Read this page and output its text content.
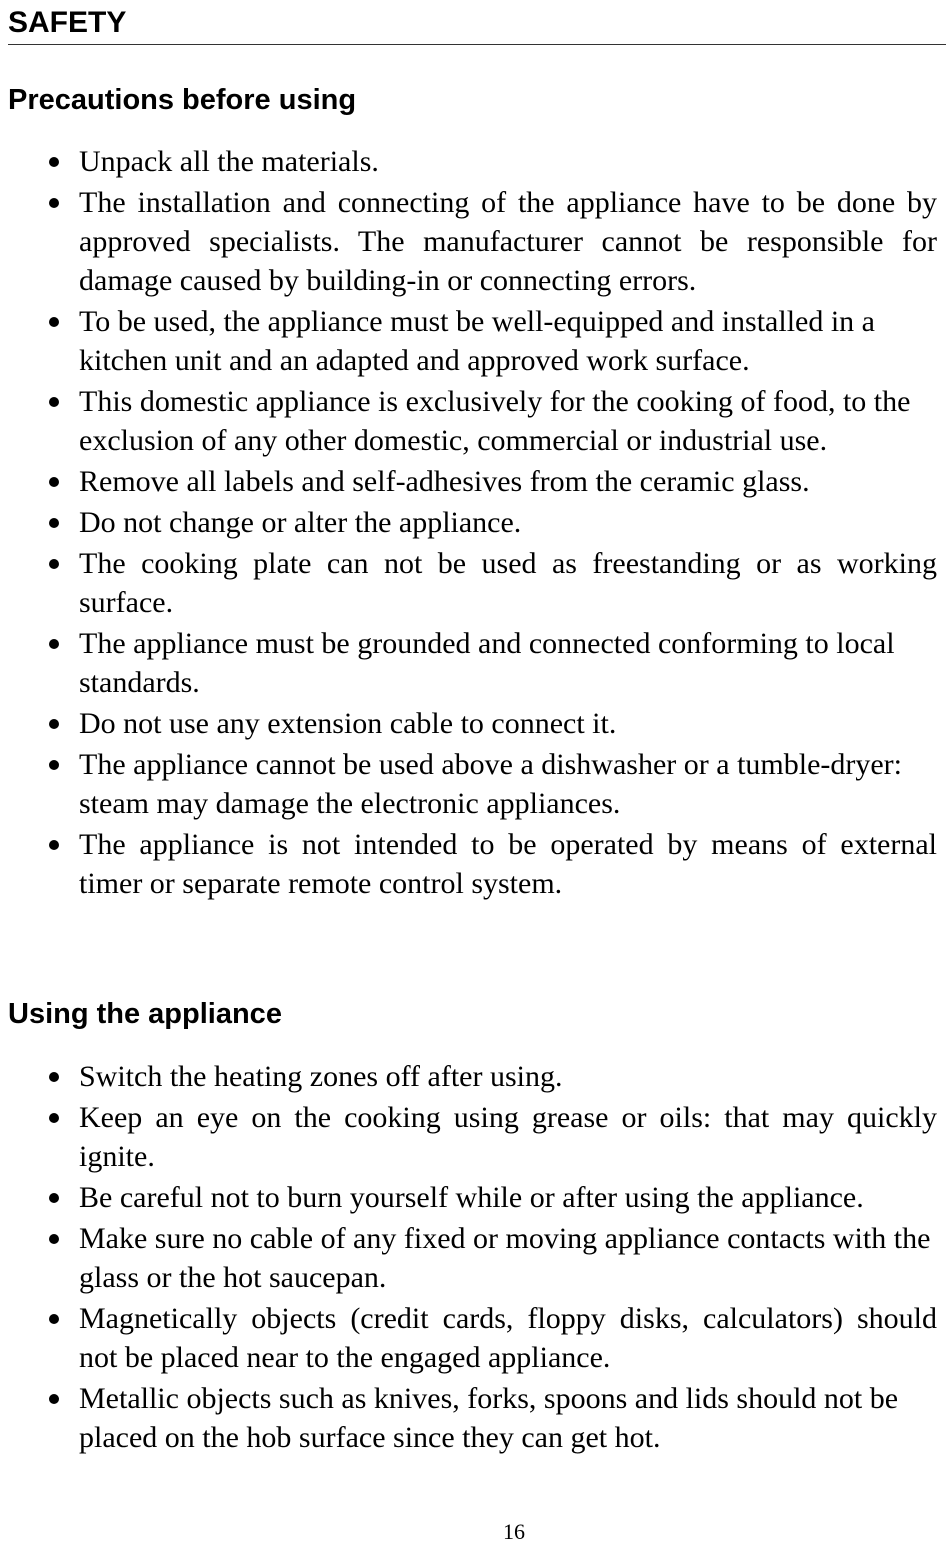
SAFETY
Precautions before using
Unpack all the materials.
The installation and connecting of the appliance have to be done by approved specialists. The manufacturer cannot be responsible for damage caused by building-in or connecting errors.
To be used, the appliance must be well-equipped and installed in a kitchen unit and an adapted and approved work surface.
This domestic appliance is exclusively for the cooking of food, to the exclusion of any other domestic, commercial or industrial use.
Remove all labels and self-adhesives from the ceramic glass.
Do not change or alter the appliance.
The cooking plate can not be used as freestanding or as working surface.
The appliance must be grounded and connected conforming to local standards.
Do not use any extension cable to connect it.
The appliance cannot be used above a dishwasher or a tumble-dryer: steam may damage the electronic appliances.
The appliance is not intended to be operated by means of external timer or separate remote control system.
Using the appliance
Switch the heating zones off after using.
Keep an eye on the cooking using grease or oils: that may quickly ignite.
Be careful not to burn yourself while or after using the appliance.
Make sure no cable of any fixed or moving appliance contacts with the glass or the hot saucepan.
Magnetically objects (credit cards, floppy disks, calculators) should not be placed near to the engaged appliance.
Metallic objects such as knives, forks, spoons and lids should not be placed on the hob surface since they can get hot.
16
